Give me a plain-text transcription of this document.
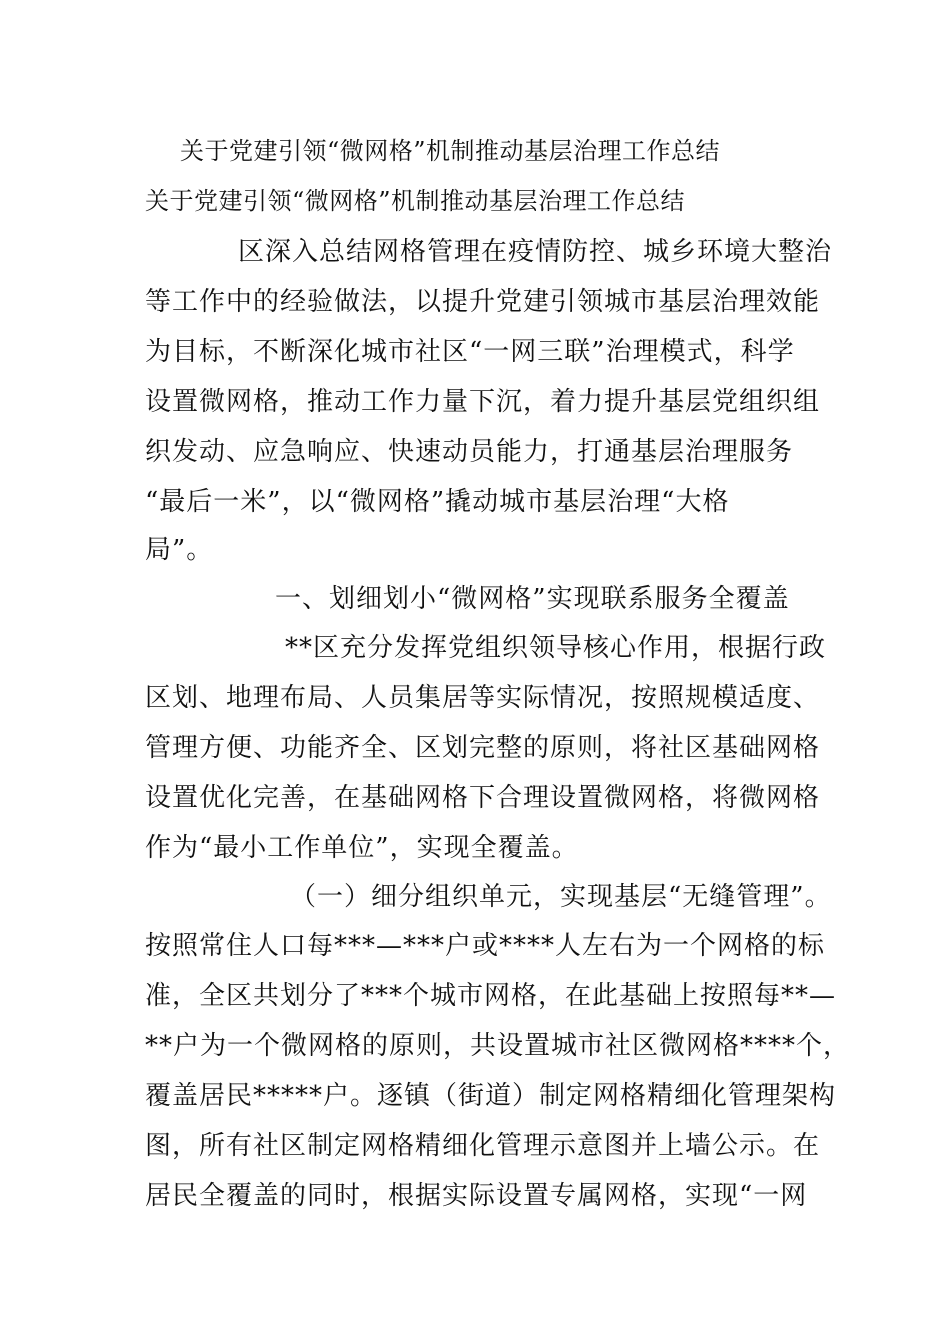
关于党建引领“微网格”机制推动基层治理工作总结
关于党建引领“微网格”机制推动基层治理工作总结
区深入总结网格管理在疫情防控、城乡环境大整治
等工作中的经验做法，以提升党建引领城市基层治理效能
为目标，不断深化城市社区“一网三联”治理模式，科学
设置微网格，推动工作力量下沉，着力提升基层党组织组
织发动、应急响应、快速动员能力，打通基层治理服务
“最后一米”，以“微网格”撬动城市基层治理“大格
局”。
一、划细划小“微网格”实现联系服务全覆盖
**区充分发挥党组织领导核心作用，根据行政
区划、地理布局、人员集居等实际情况，按照规模适度、
管理方便、功能齐全、区划完整的原则，将社区基础网格
设置优化完善，在基础网格下合理设置微网格，将微网格
作为“最小工作单位”，实现全覆盖。
（一）细分组织单元，实现基层“无缝管理”。
按照常住人口每***—***户或****人左右为一个网格的标
准，全区共划分了***个城市网格，在此基础上按照每**—
**户为一个微网格的原则，共设置城市社区微网格****个，
覆盖居民*****户。逐镇（街道）制定网格精细化管理架构
图，所有社区制定网格精细化管理示意图并上墙公示。在
居民全覆盖的同时，根据实际设置专属网格，实现“一网
